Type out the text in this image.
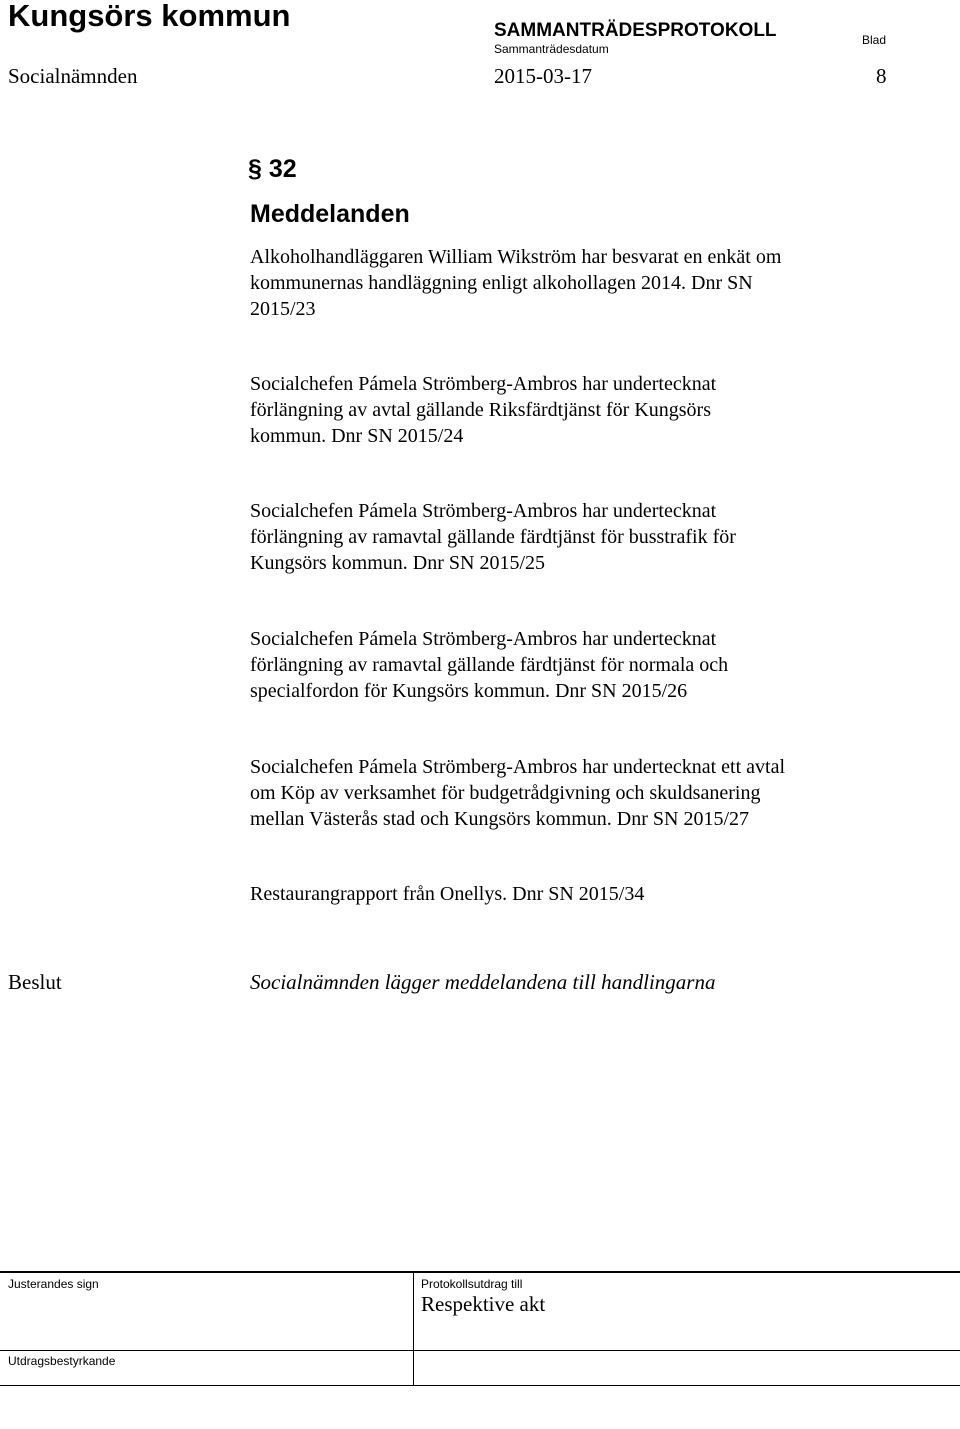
Kungsörs kommun	SAMMANTRÄDESPROTOKOLL
Sammanträdesdatum
Blad
Socialnämnden	2015-03-17	8
§ 32
Meddelanden

Alkoholhandläggaren William Wikström har besvarat en enkät om

kommunernas handläggning enligt alkohollagen 2014. Dnr SN

2015/23

Socialchefen Pámela Strömberg-Ambros har undertecknat

förlängning av avtal gällande Riksfärdtjänst för Kungsörs

kommun. Dnr SN 2015/24

Socialchefen Pámela Strömberg-Ambros har undertecknat

förlängning av ramavtal gällande färdtjänst för busstrafik för

Kungsörs kommun. Dnr SN 2015/25

Socialchefen Pámela Strömberg-Ambros har undertecknat

förlängning av ramavtal gällande färdtjänst för normala och

specialfordon för Kungsörs kommun. Dnr SN 2015/26

Socialchefen Pámela Strömberg-Ambros har undertecknat ett avtal

om Köp av verksamhet för budgetrådgivning och skuldsanering

mellan Västerås stad och Kungsörs kommun. Dnr SN 2015/27

Restaurangrapport från Onellys. Dnr SN 2015/34

Beslut	Socialnämnden lägger meddelandena till handlingarna
Justerandes sign	Protokollsutdrag till
Respektive akt
Utdragsbestyrkande
